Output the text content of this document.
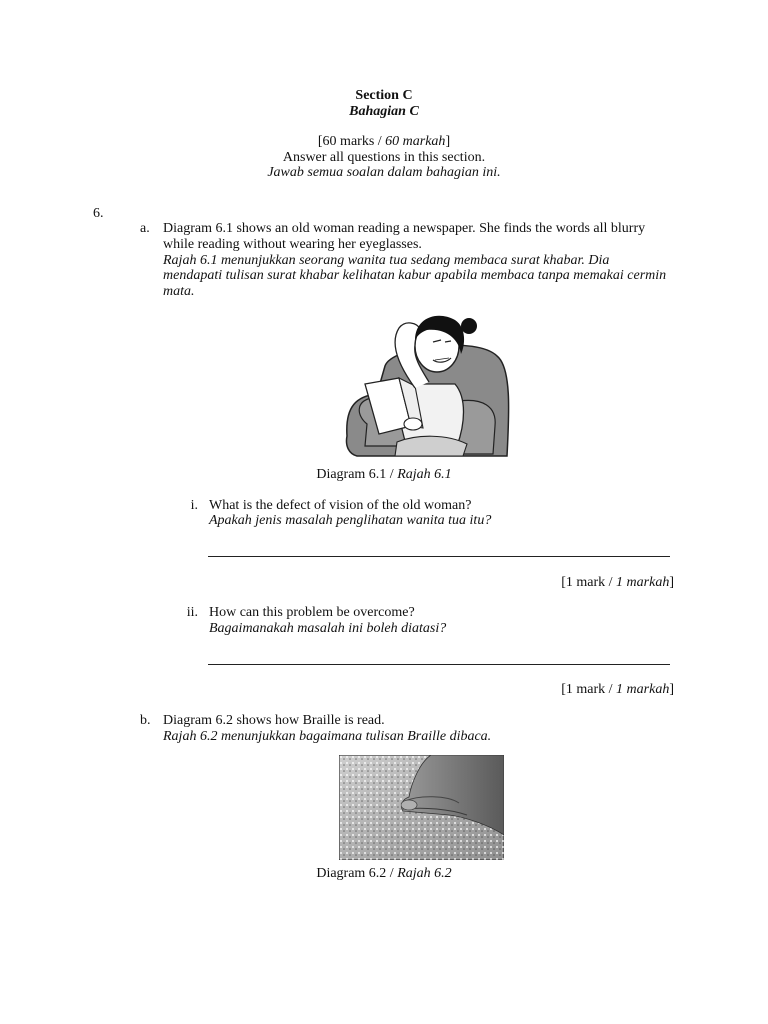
Section C
Bahagian C
[60 marks / 60 markah]
Answer all questions in this section.
Jawab semua soalan dalam bahagian ini.
6.
a. Diagram 6.1 shows an old woman reading a newspaper. She finds the words all blurry
while reading without wearing her eyeglasses.
Rajah 6.1 menunjukkan seorang wanita tua sedang membaca surat khabar. Dia
mendapati tulisan surat khabar kelihatan kabur apabila membaca tanpa memakai cermin
mata.
Diagram 6.1 / Rajah 6.1
i. What is the defect of vision of the old woman?
Apakah jenis masalah penglihatan wanita tua itu?
[1 mark / 1 markah]
ii. How can this problem be overcome?
Bagaimanakah masalah ini boleh diatasi?
[1 mark / 1 markah]
b. Diagram 6.2 shows how Braille is read.
Rajah 6.2 menunjukkan bagaimana tulisan Braille dibaca.
Diagram 6.2 / Rajah 6.2
